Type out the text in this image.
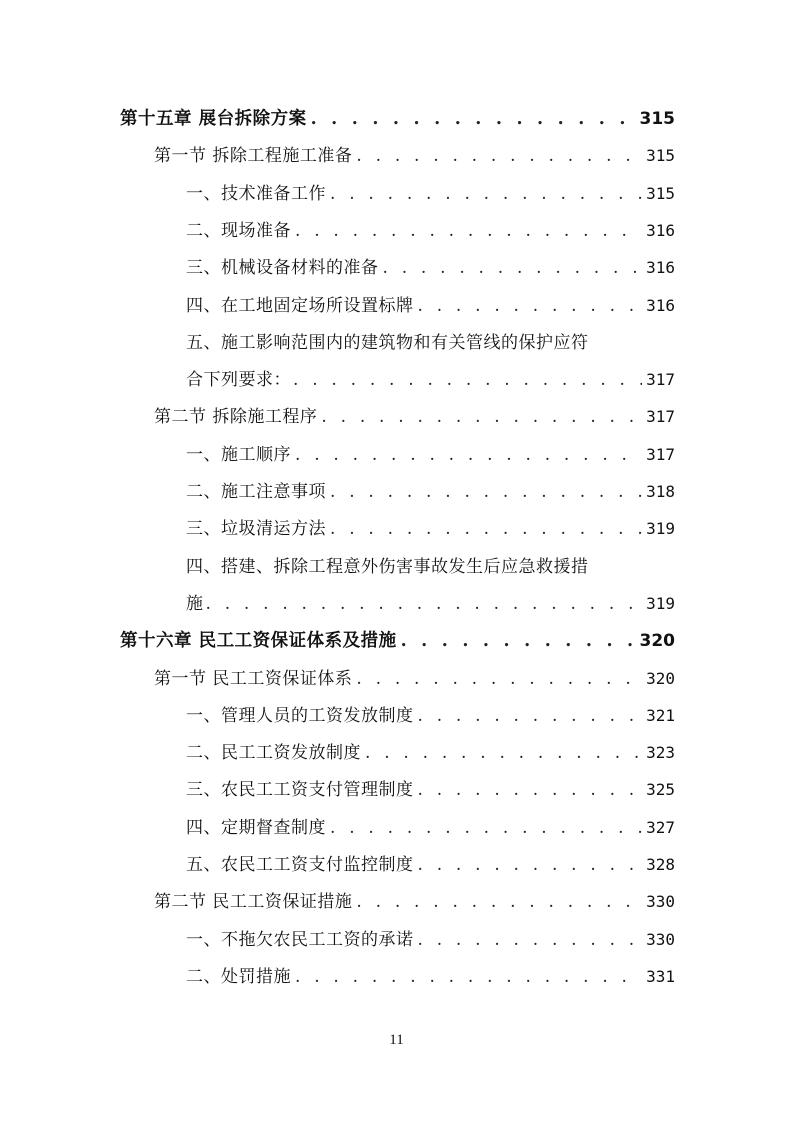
第十五章 展台拆除方案 . . .	315
第一节 拆除工程施工准备 . . .	315
一、技术准备工作 . . .	315
二、现场准备 . . .	316
三、机械设备材料的准备 . . .	316
四、在工地固定场所设置标牌 . . .	316
五、施工影响范围内的建筑物和有关管线的保护应符
合下列要求： . . .	317
第二节 拆除施工程序 . . .	317
一、施工顺序 . . .	317
二、施工注意事项 . . .	318
三、垃圾清运方法 . . .	319
四、搭建、拆除工程意外伤害事故发生后应急救援措
施 . . .	319
第十六章 民工工资保证体系及措施 . . .	320
第一节 民工工资保证体系 . . .	320
一、管理人员的工资发放制度 . . .	321
二、民工工资发放制度 . . .	323
三、农民工工资支付管理制度 . . .	325
四、定期督查制度 . . .	327
五、农民工工资支付监控制度 . . .	328
第二节 民工工资保证措施 . . .	330
一、不拖欠农民工工资的承诺 . . .	330
二、处罚措施 . . .	331
11
